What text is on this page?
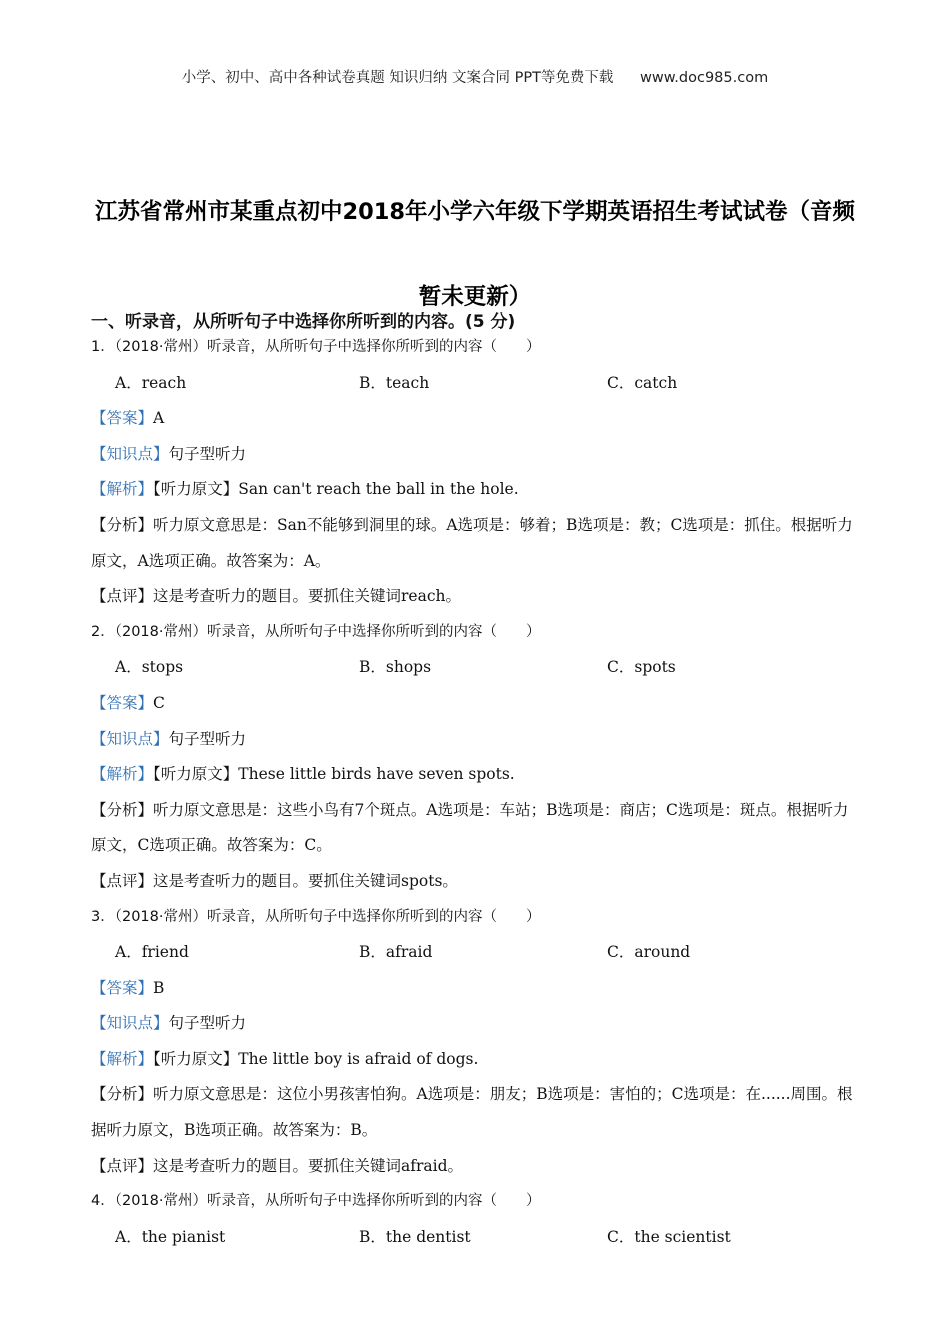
小学、初中、高中各种试卷真题 知识归纳 文案合同 PPT等免费下载 www.doc985.com
江苏省常州市某重点初中2018年小学六年级下学期英语招生考试试卷（音频暂未更新）
一、听录音，从所听句子中选择你所听到的内容。(5 分)
1．（2018·常州）听录音，从所听句子中选择你所听到的内容（　　）
A．reach	B．teach	C．catch
【答案】A
【知识点】句子型听力
【解析】【听力原文】San can't reach the ball in the hole.
【分析】听力原文意思是：San不能够到洞里的球。A选项是：够着；B选项是：教；C选项是：抓住。根据听力原文，A选项正确。故答案为：A。
【点评】这是考查听力的题目。要抓住关键词reach。
2．（2018·常州）听录音，从所听句子中选择你所听到的内容（　　）
A．stops	B．shops	C．spots
【答案】C
【知识点】句子型听力
【解析】【听力原文】These little birds have seven spots.
【分析】听力原文意思是：这些小鸟有7个斑点。A选项是：车站；B选项是：商店；C选项是：斑点。根据听力原文，C选项正确。故答案为：C。
【点评】这是考查听力的题目。要抓住关键词spots。
3．（2018·常州）听录音，从所听句子中选择你所听到的内容（　　）
A．friend	B．afraid	C．around
【答案】B
【知识点】句子型听力
【解析】【听力原文】The little boy is afraid of dogs.
【分析】听力原文意思是：这位小男孩害怕狗。A选项是：朋友；B选项是：害怕的；C选项是：在......周围。根据听力原文，B选项正确。故答案为：B。
【点评】这是考查听力的题目。要抓住关键词afraid。
4．（2018·常州）听录音，从所听句子中选择你所听到的内容（　　）
A．the pianist	B．the dentist	C．the scientist
